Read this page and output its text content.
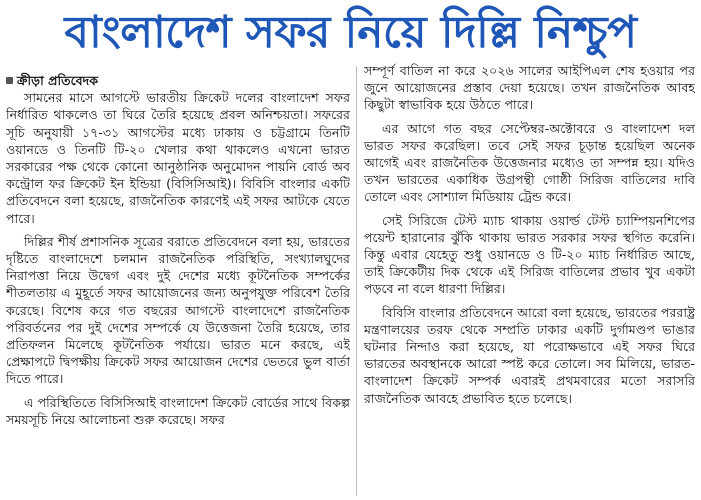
বাংলাদেশ সফর নিয়ে দিল্লি নিশ্চুপ
ক্রীড়া প্রতিবেদক

সামনের মাসে আগস্টে ভারতীয় ক্রিকেট দলের বাংলাদেশ সফর নির্ধারিত থাকলেও তা ঘিরে তৈরি হয়েছে প্রবল অনিশ্চয়তা। সফরের সূচি অনুযায়ী ১৭-৩১ আগস্টের মধ্যে ঢাকায় ও চট্টগ্রামে তিনটি ওয়ানডে ও তিনটি টি-২০ খেলার কথা থাকলেও এখনো ভারত সরকারের পক্ষ থেকে কোনো আনুষ্ঠানিক অনুমোদন পায়নি বোর্ড অব কন্ট্রোল ফর ক্রিকেট ইন ইন্ডিয়া (বিসিসিআই)। বিবিসি বাংলার একটি প্রতিবেদনে বলা হয়েছে, রাজনৈতিক কারণেই এই সফর আটকে যেতে পারে।

দিল্লির শীর্ষ প্রশাসনিক সূত্রের বরাতে প্রতিবেদনে বলা হয়, ভারতের দৃষ্টিতে বাংলাদেশে চলমান রাজনৈতিক পরিস্থিতি, সংখ্যালঘুদের নিরাপত্তা নিয়ে উদ্বেগ এবং দুই দেশের মধ্যে কূটনৈতিক সম্পর্কের শীতলতায় এ মুহূর্তে সফর আয়োজনের জন্য অনুপযুক্ত পরিবেশ তৈরি করেছে। বিশেষ করে গত বছরের আগস্টে বাংলাদেশে রাজনৈতিক পরিবর্তনের পর দুই দেশের সম্পর্কে যে উত্তেজনা তৈরি হয়েছে, তার প্রতিফলন মিলেছে কূটনৈতিক পর্যায়ে। ভারত মনে করছে, এই প্রেক্ষাপটে দ্বিপক্ষীয় ক্রিকেট সফর আয়োজন দেশের ভেতরে ভুল বার্তা দিতে পারে।

এ পরিস্থিতিতে বিসিসিআই বাংলাদেশ ক্রিকেট বোর্ডের সাথে বিকল্প সময়সূচি নিয়ে আলোচনা শুরু করেছে। সফর

সম্পূর্ণ বাতিল না করে ২০২৬ সালের আইপিএল শেষ হওয়ার পর জুনে আয়োজনের প্রস্তাব দেয়া হয়েছে। তখন রাজনৈতিক আবহ কিছুটা স্বাভাবিক হয়ে উঠতে পারে।

এর আগে গত বছর সেপ্টেম্বর-অক্টোবরে ও বাংলাদেশ দল ভারত সফর করেছিল। তবে সেই সফর চূড়ান্ত হয়েছিল অনেক আগেই এবং রাজনৈতিক উত্তেজনার মধ্যেও তা সম্পন্ন হয়। যদিও তখন ভারতের একাধিক উগ্রপন্থী গোষ্ঠী সিরিজ বাতিলের দাবি তোলে এবং সোশ্যাল মিডিয়ায় ট্রেন্ড করে।

সেই সিরিজে টেস্ট ম্যাচ থাকায় ওয়ার্ল্ড টেস্ট চ্যাম্পিয়নশিপের পয়েন্ট হারানোর ঝুঁকি থাকায় ভারত সরকার সফর স্থগিত করেনি। কিন্তু এবার যেহেতু শুধু ওয়ানডে ও টি-২০ ম্যাচ নির্ধারিত আছে, তাই ক্রিকেটীয় দিক থেকে এই সিরিজ বাতিলের প্রভাব খুব একটা পড়বে না বলে ধারণা দিল্লির।

বিবিসি বাংলার প্রতিবেদনে আরো বলা হয়েছে, ভারতের পররাষ্ট্র মন্ত্রণালয়ের তরফ থেকে সম্প্রতি ঢাকার একটি দুর্গামণ্ডপ ভাঙার ঘটনার নিন্দাও করা হয়েছে, যা পরোক্ষভাবে এই সফর ঘিরে ভারতের অবস্থানকে আরো স্পষ্ট করে তোলে। সব মিলিয়ে, ভারত-বাংলাদেশ ক্রিকেট সম্পর্ক এবারই প্রথমবারের মতো সরাসরি রাজনৈতিক আবহে প্রভাবিত হতে চলেছে।
